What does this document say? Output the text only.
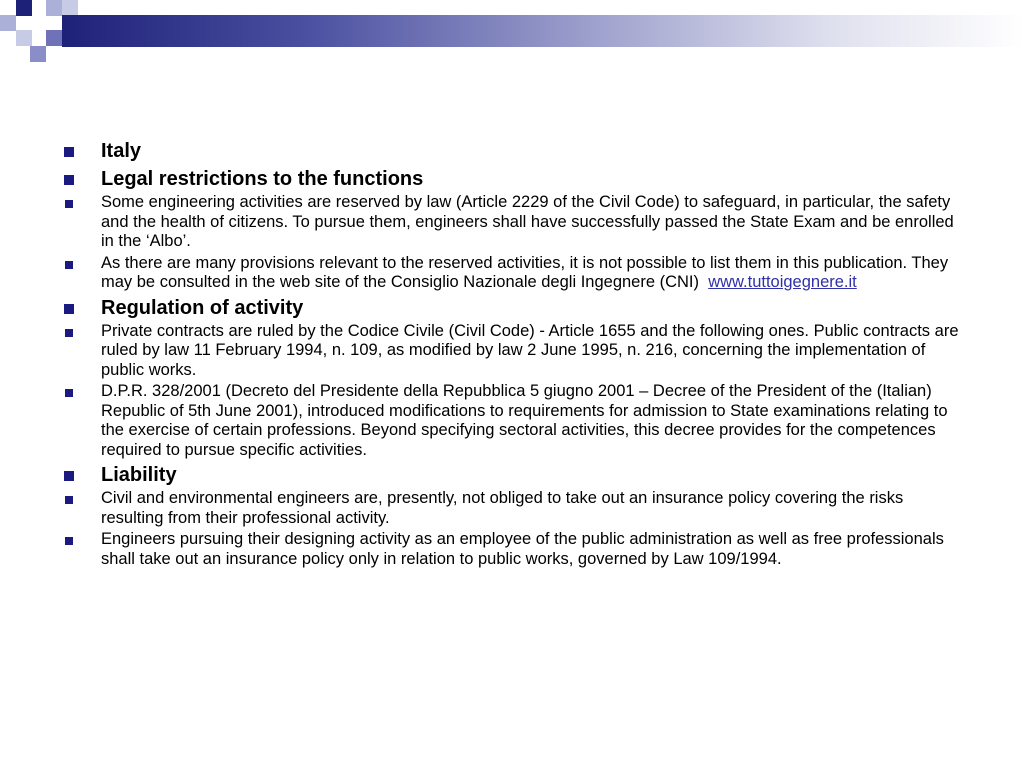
Italy
Legal restrictions to the functions
Some engineering activities are reserved by law (Article 2229 of the Civil Code) to safeguard, in particular, the safety and the health of citizens. To pursue them, engineers shall have successfully passed the State Exam and be enrolled in the ‘Albo’.
As there are many provisions relevant to the reserved activities, it is not possible to list them in this publication. They may be consulted in the web site of the Consiglio Nazionale degli Ingegnere (CNI) www.tuttoigegnere.it
Regulation of activity
Private contracts are ruled by the Codice Civile (Civil Code) - Article 1655 and the following ones. Public contracts are ruled by law 11 February 1994, n. 109, as modified by law 2 June 1995, n. 216, concerning the implementation of public works.
D.P.R. 328/2001 (Decreto del Presidente della Repubblica 5 giugno 2001 – Decree of the President of the (Italian) Republic of 5th June 2001), introduced modifications to requirements for admission to State examinations relating to the exercise of certain professions. Beyond specifying sectoral activities, this decree provides for the competences required to pursue specific activities.
Liability
Civil and environmental engineers are, presently, not obliged to take out an insurance policy covering the risks resulting from their professional activity.
Engineers pursuing their designing activity as an employee of the public administration as well as free professionals shall take out an insurance policy only in relation to public works, governed by Law 109/1994.
